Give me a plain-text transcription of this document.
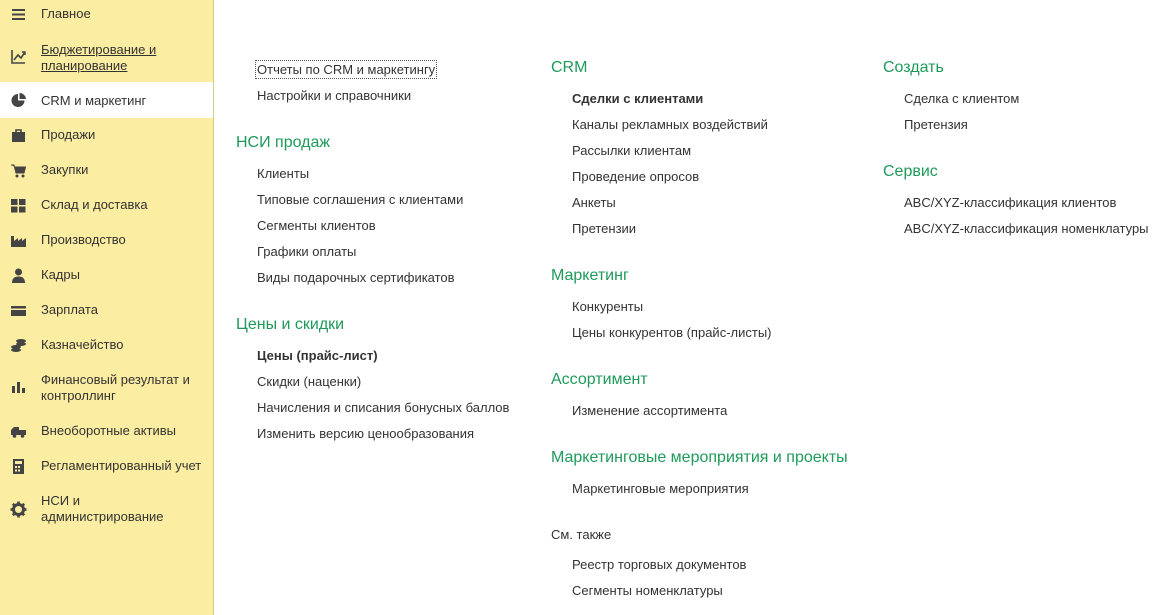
Главное
Бюджетирование и планирование
CRM и маркетинг
Продажи
Закупки
Склад и доставка
Производство
Кадры
Зарплата
Казначейство
Финансовый результат и контроллинг
Внеоборотные активы
Регламентированный учет
НСИ и администрирование
Отчеты по CRM и маркетингу
Настройки и справочники
НСИ продаж
Клиенты
Типовые соглашения с клиентами
Сегменты клиентов
Графики оплаты
Виды подарочных сертификатов
Цены и скидки
Цены (прайс-лист)
Скидки (наценки)
Начисления и списания бонусных баллов
Изменить версию ценообразования
CRM
Сделки с клиентами
Каналы рекламных воздействий
Рассылки клиентам
Проведение опросов
Анкеты
Претензии
Маркетинг
Конкуренты
Цены конкурентов (прайс-листы)
Ассортимент
Изменение ассортимента
Маркетинговые мероприятия и проекты
Маркетинговые мероприятия
См. также
Реестр торговых документов
Сегменты номенклатуры
Создать
Сделка с клиентом
Претензия
Сервис
ABC/XYZ-классификация клиентов
ABC/XYZ-классификация номенклатуры
